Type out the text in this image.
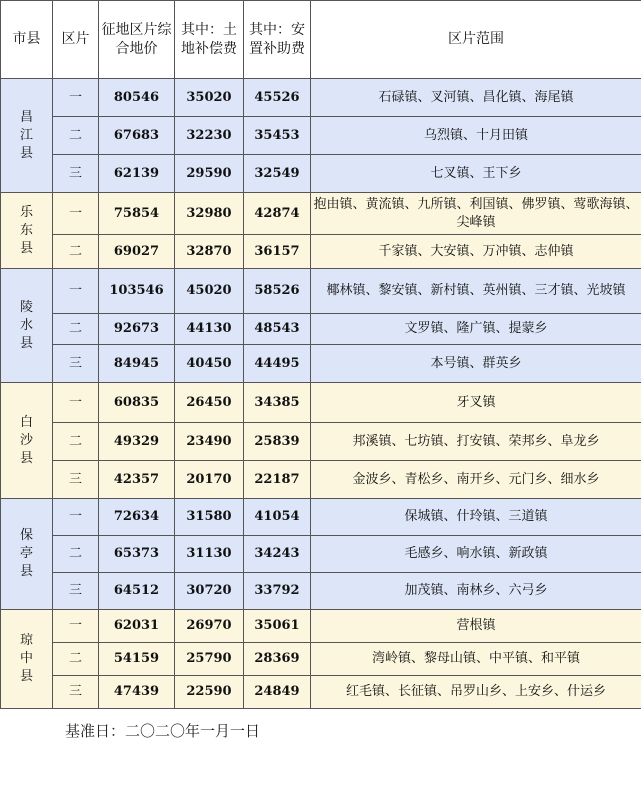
市县	区片	征地区片综合地价	其中：土地补偿费	其中：安置补助费	区片范围
昌江县	一	80546	35020	45526	石碌镇、叉河镇、昌化镇、海尾镇
	二	67683	32230	35453	乌烈镇、十月田镇
	三	62139	29590	32549	七叉镇、王下乡
乐东县	一	75854	32980	42874	抱由镇、黄流镇、九所镇、利国镇、佛罗镇、莺歌海镇、尖峰镇
	二	69027	32870	36157	千家镇、大安镇、万冲镇、志仲镇
陵水县	一	103546	45020	58526	椰林镇、黎安镇、新村镇、英州镇、三才镇、光坡镇
	二	92673	44130	48543	文罗镇、隆广镇、提蒙乡
	三	84945	40450	44495	本号镇、群英乡
白沙县	一	60835	26450	34385	牙叉镇
	二	49329	23490	25839	邦溪镇、七坊镇、打安镇、荣邦乡、阜龙乡
	三	42357	20170	22187	金波乡、青松乡、南开乡、元门乡、细水乡
保亭县	一	72634	31580	41054	保城镇、什玲镇、三道镇
	二	65373	31130	34243	毛感乡、响水镇、新政镇
	三	64512	30720	33792	加茂镇、南林乡、六弓乡
琼中县	一	62031	26970	35061	营根镇
	二	54159	25790	28369	湾岭镇、黎母山镇、中平镇、和平镇
	三	47439	22590	24849	红毛镇、长征镇、吊罗山乡、上安乡、什运乡
基准日：二〇二〇年一月一日
